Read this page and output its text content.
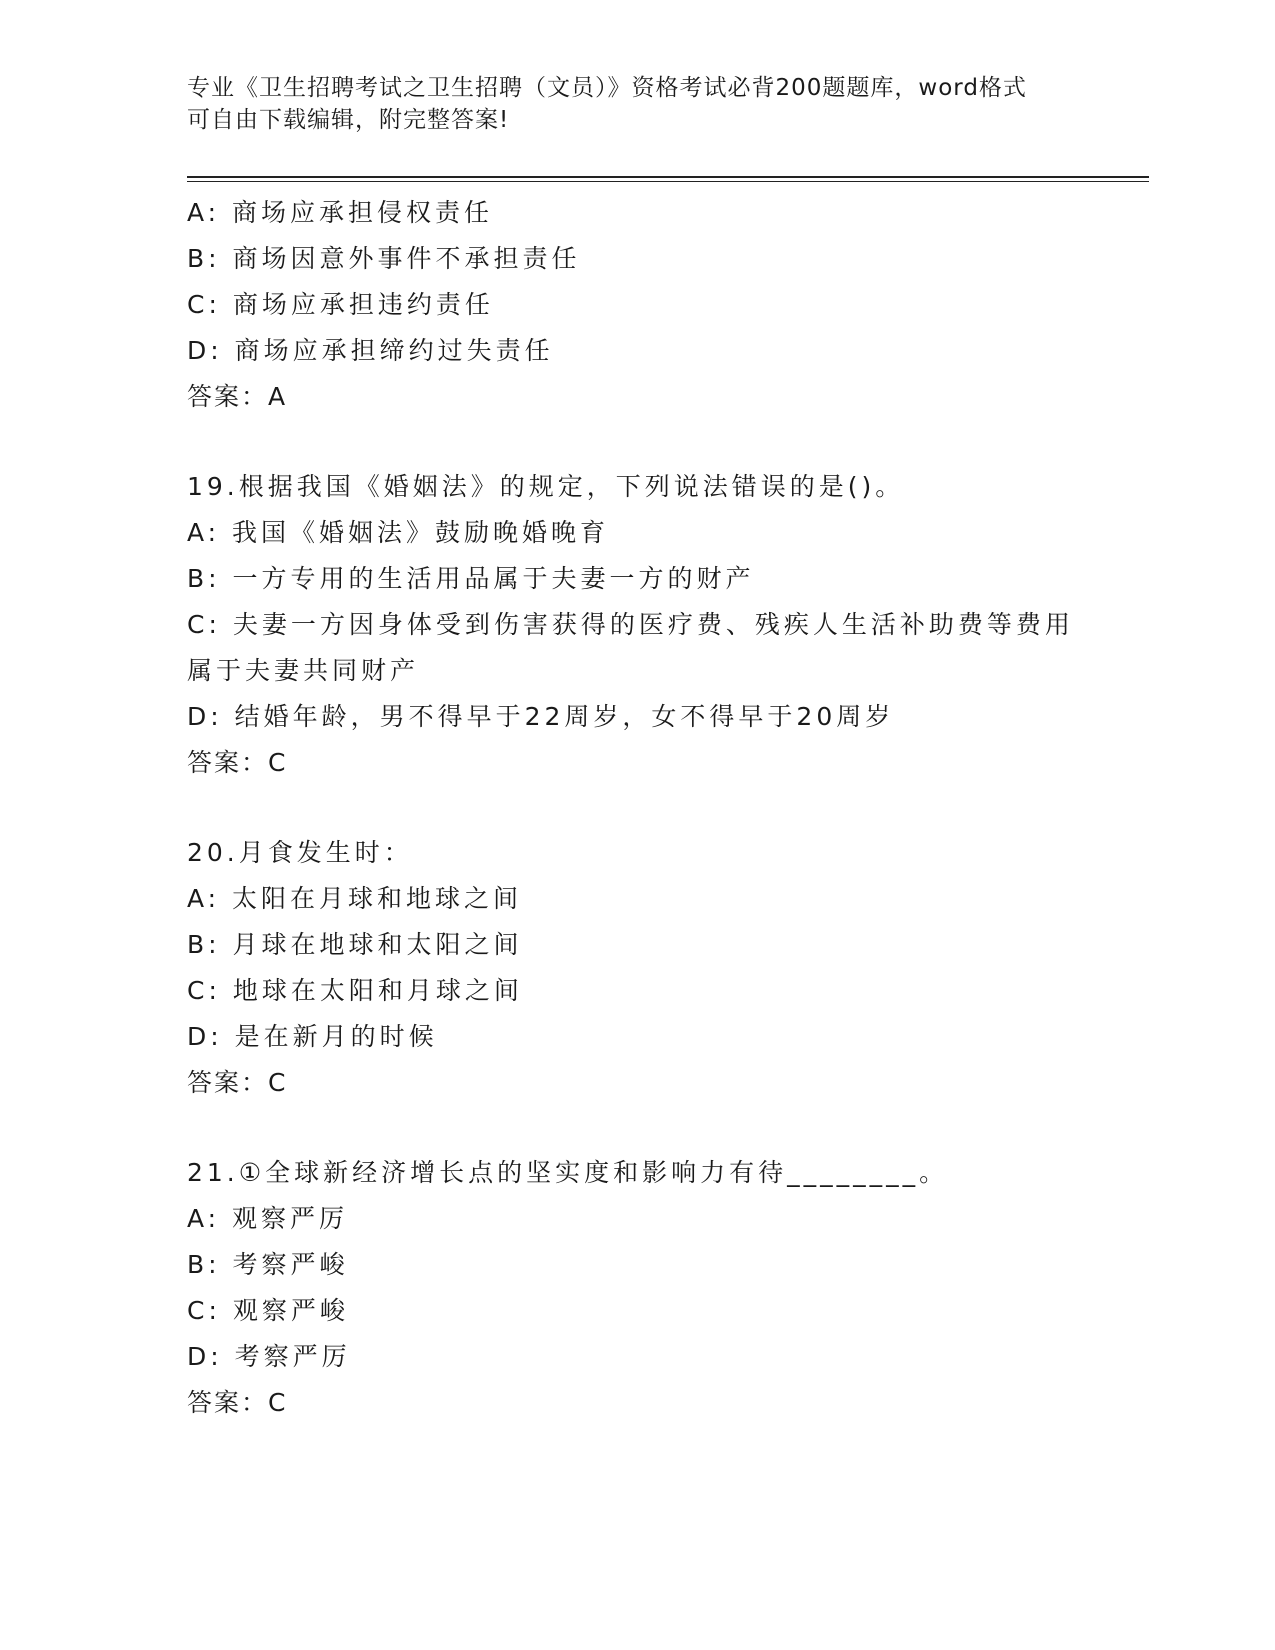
专业《卫生招聘考试之卫生招聘（文员）》资格考试必背200题题库，word格式
可自由下载编辑，附完整答案!
A: 商场应承担侵权责任
B: 商场因意外事件不承担责任
C: 商场应承担违约责任
D: 商场应承担缔约过失责任
答案：A
19.根据我国《婚姻法》的规定，下列说法错误的是()。
A: 我国《婚姻法》鼓励晚婚晚育
B: 一方专用的生活用品属于夫妻一方的财产
C: 夫妻一方因身体受到伤害获得的医疗费、残疾人生活补助费等费用
属于夫妻共同财产
D: 结婚年龄，男不得早于22周岁，女不得早于20周岁
答案：C
20.月食发生时：
A: 太阳在月球和地球之间
B: 月球在地球和太阳之间
C: 地球在太阳和月球之间
D: 是在新月的时候
答案：C
21.①全球新经济增长点的坚实度和影响力有待________。
A: 观察严厉
B: 考察严峻
C: 观察严峻
D: 考察严厉
答案：C
